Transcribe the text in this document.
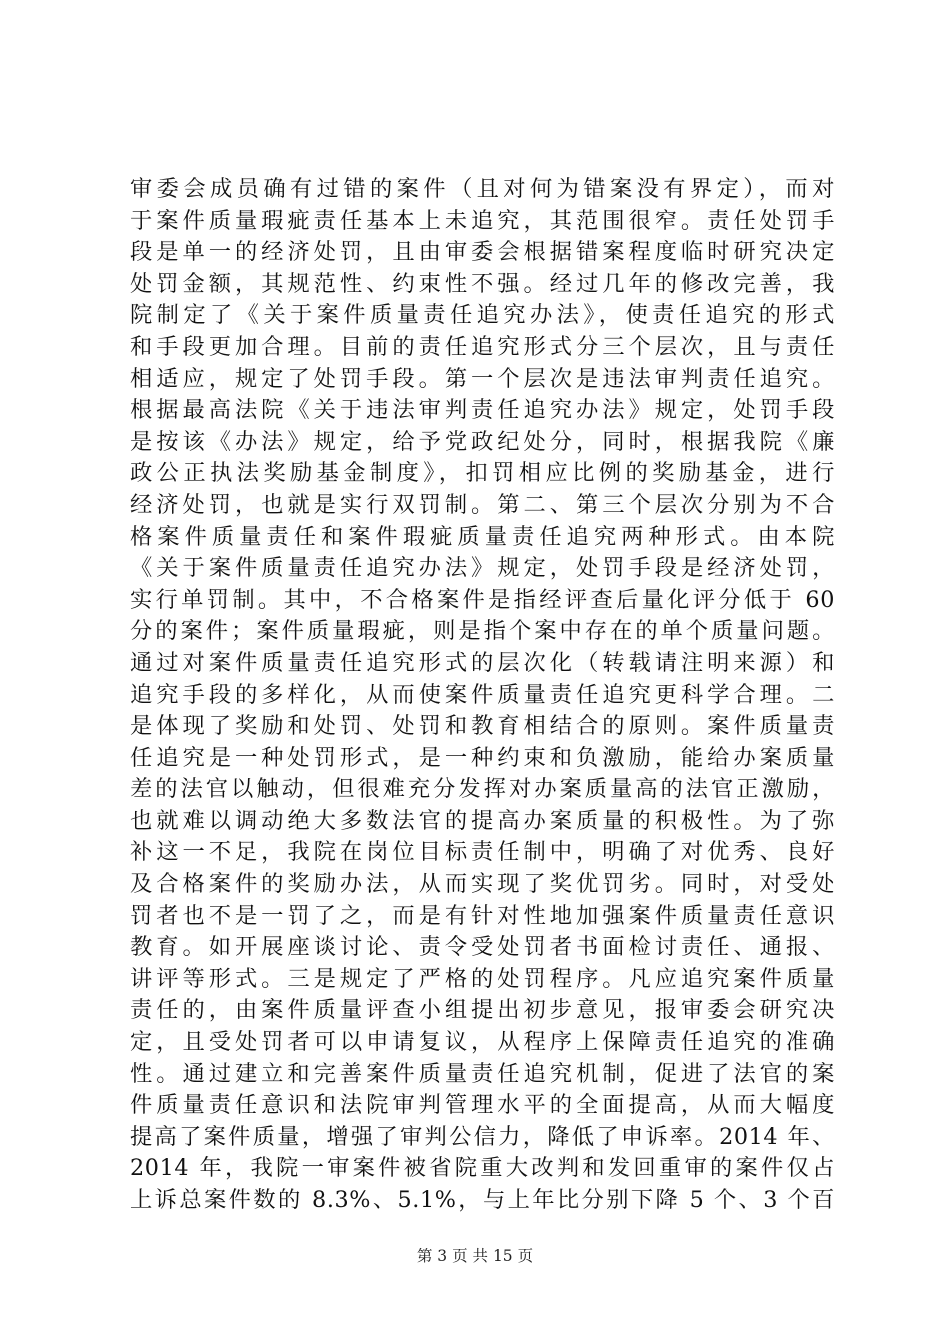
审委会成员确有过错的案件（且对何为错案没有界定），而对
于案件质量瑕疵责任基本上未追究，其范围很窄。责任处罚手
段是单一的经济处罚，且由审委会根据错案程度临时研究决定
处罚金额，其规范性、约束性不强。经过几年的修改完善，我
院制定了《关于案件质量责任追究办法》，使责任追究的形式
和手段更加合理。目前的责任追究形式分三个层次，且与责任
相适应，规定了处罚手段。第一个层次是违法审判责任追究。
根据最高法院《关于违法审判责任追究办法》规定，处罚手段
是按该《办法》规定，给予党政纪处分，同时，根据我院《廉
政公正执法奖励基金制度》，扣罚相应比例的奖励基金，进行
经济处罚，也就是实行双罚制。第二、第三个层次分别为不合
格案件质量责任和案件瑕疵质量责任追究两种形式。由本院
《关于案件质量责任追究办法》规定，处罚手段是经济处罚，
实行单罚制。其中，不合格案件是指经评查后量化评分低于 60
分的案件；案件质量瑕疵，则是指个案中存在的单个质量问题。
通过对案件质量责任追究形式的层次化（转载请注明来源）和
追究手段的多样化，从而使案件质量责任追究更科学合理。二
是体现了奖励和处罚、处罚和教育相结合的原则。案件质量责
任追究是一种处罚形式，是一种约束和负激励，能给办案质量
差的法官以触动，但很难充分发挥对办案质量高的法官正激励，
也就难以调动绝大多数法官的提高办案质量的积极性。为了弥
补这一不足，我院在岗位目标责任制中，明确了对优秀、良好
及合格案件的奖励办法，从而实现了奖优罚劣。同时，对受处
罚者也不是一罚了之，而是有针对性地加强案件质量责任意识
教育。如开展座谈讨论、责令受处罚者书面检讨责任、通报、
讲评等形式。三是规定了严格的处罚程序。凡应追究案件质量
责任的，由案件质量评查小组提出初步意见，报审委会研究决
定，且受处罚者可以申请复议，从程序上保障责任追究的准确
性。通过建立和完善案件质量责任追究机制，促进了法官的案
件质量责任意识和法院审判管理水平的全面提高，从而大幅度
提高了案件质量，增强了审判公信力，降低了申诉率。2014 年、
2014 年，我院一审案件被省院重大改判和发回重审的案件仅占
上诉总案件数的 8.3%、5.1%，与上年比分别下降 5 个、3 个百
第 3 页 共 15 页
